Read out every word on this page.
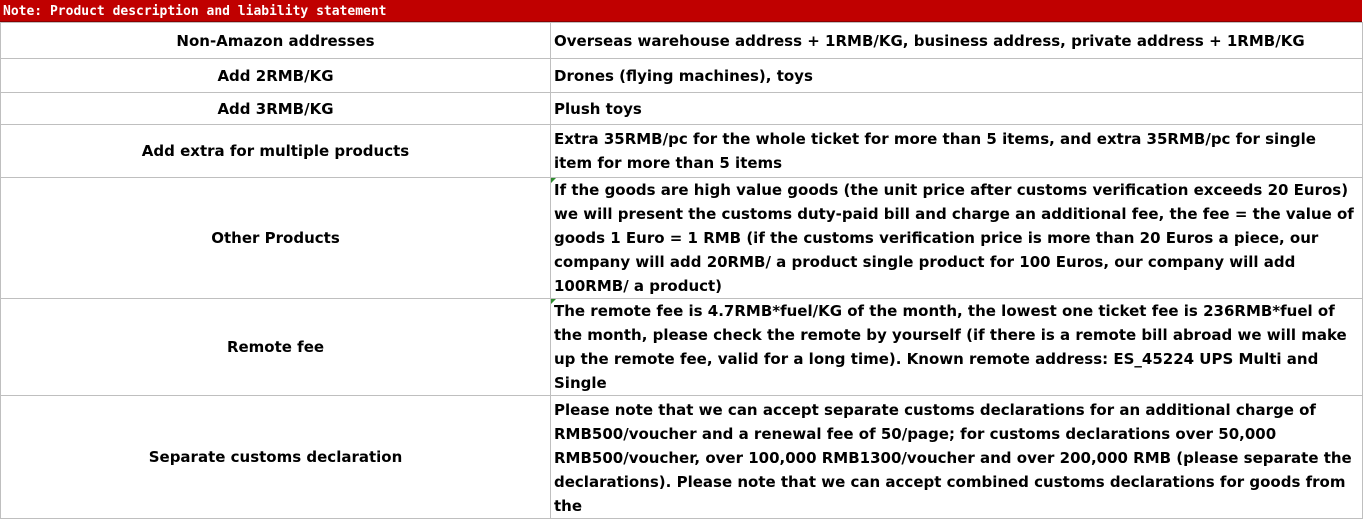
Note: Product description and liability statement
Non-Amazon addresses	Overseas warehouse address + 1RMB/KG, business address, private address + 1RMB/KG

Add 2RMB/KG	Drones (flying machines), toys

Add 3RMB/KG	Plush toys

Add extra for multiple products	Extra 35RMB/pc for the whole ticket for more than 5 items, and extra 35RMB/pc for single item for more than 5 items

Other Products	If the goods are high value goods (the unit price after customs verification exceeds 20 Euros) we will present the customs duty-paid bill and charge an additional fee, the fee = the value of goods 1 Euro = 1 RMB (if the customs verification price is more than 20 Euros a piece, our company will add 20RMB/ a product single product for 100 Euros, our company will add 100RMB/ a product)

Remote fee	The remote fee is 4.7RMB*fuel/KG of the month, the lowest one ticket fee is 236RMB*fuel of the month, please check the remote by yourself (if there is a remote bill abroad we will make up the remote fee, valid for a long time). Known remote address: ES_45224 UPS Multi and Single

Separate customs declaration	Please note that we can accept separate customs declarations for an additional charge of RMB500/voucher and a renewal fee of 50/page; for customs declarations over 50,000 RMB500/voucher, over 100,000 RMB1300/voucher and over 200,000 RMB (please separate the declarations). Please note that we can accept combined customs declarations for goods from the
